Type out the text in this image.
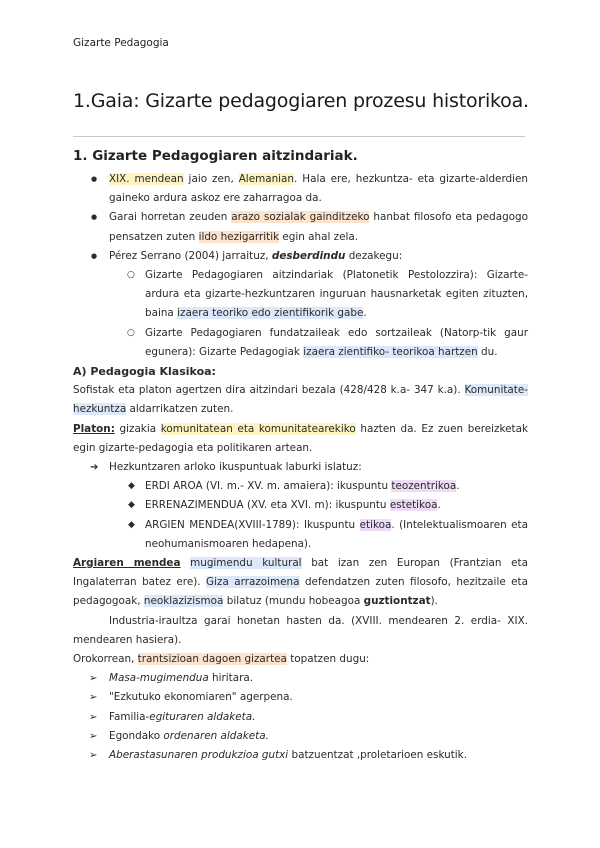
Gizarte Pedagogia
1.Gaia: Gizarte pedagogiaren prozesu historikoa.
1. Gizarte Pedagogiaren aitzindariak.
● XIX. mendean jaio zen, Alemanian. Hala ere, hezkuntza- eta gizarte-alderdien gaineko ardura askoz ere zaharragoa da.
● Garai horretan zeuden arazo sozialak gainditzeko hanbat filosofo eta pedagogo pensatzen zuten ildo hezigarritik egin ahal zela.
● Pérez Serrano (2004) jarraituz, desberdindu dezakegu:
○ Gizarte Pedagogiaren aitzindariak (Platonetik Pestolozzira): Gizarte-ardura eta gizarte-hezkuntzaren inguruan hausnarketak egiten zituzten, baina izaera teoriko edo zientifikorik gabe.
○ Gizarte Pedagogiaren fundatzaileak edo sortzaileak (Natorp-tik gaur egunera): Gizarte Pedagogiak izaera zientifiko- teorikoa hartzen du.

A) Pedagogia Klasikoa:

Sofistak eta platon agertzen dira aitzindari bezala (428/428 k.a- 347 k.a). Komunitate-hezkuntza aldarrikatzen zuten.

Platon: gizakia komunitatean eta komunitatearekiko hazten da. Ez zuen bereizketak egin gizarte-pedagogia eta politikaren artean.

➔ Hezkuntzaren arloko ikuspuntuak laburki islatuz:
◆ ERDI AROA (VI. m.- XV. m. amaiera): ikuspuntu teozentrikoa.
◆ ERRENAZIMENDUA (XV. eta XVI. m): ikuspuntu estetikoa.
◆ ARGIEN MENDEA(XVIII-1789): Ikuspuntu etikoa. (Intelektualismoaren eta neohumanismoaren hedapena).

Argiaren mendea mugimendu kultural bat izan zen Europan (Frantzian eta Ingalaterran batez ere). Giza arrazoimena defendatzen zuten filosofo, hezitzaile eta pedagogoak, neoklazizismoa bilatuz (mundu hobeagoa guztiontzat).

Industria-iraultza garai honetan hasten da. (XVIII. mendearen 2. erdia- XIX. mendearen hasiera).

Orokorrean, trantsizioan dagoen gizartea topatzen dugu:

➢ Masa-mugimendua hiritara.
➢ "Ezkutuko ekonomiaren" agerpena.
➢ Familia-egituraren aldaketa.
➢ Egondako ordenaren aldaketa.
➢ Aberastasunaren produkzioa gutxi batzuentzat ,proletarioen eskutik.
